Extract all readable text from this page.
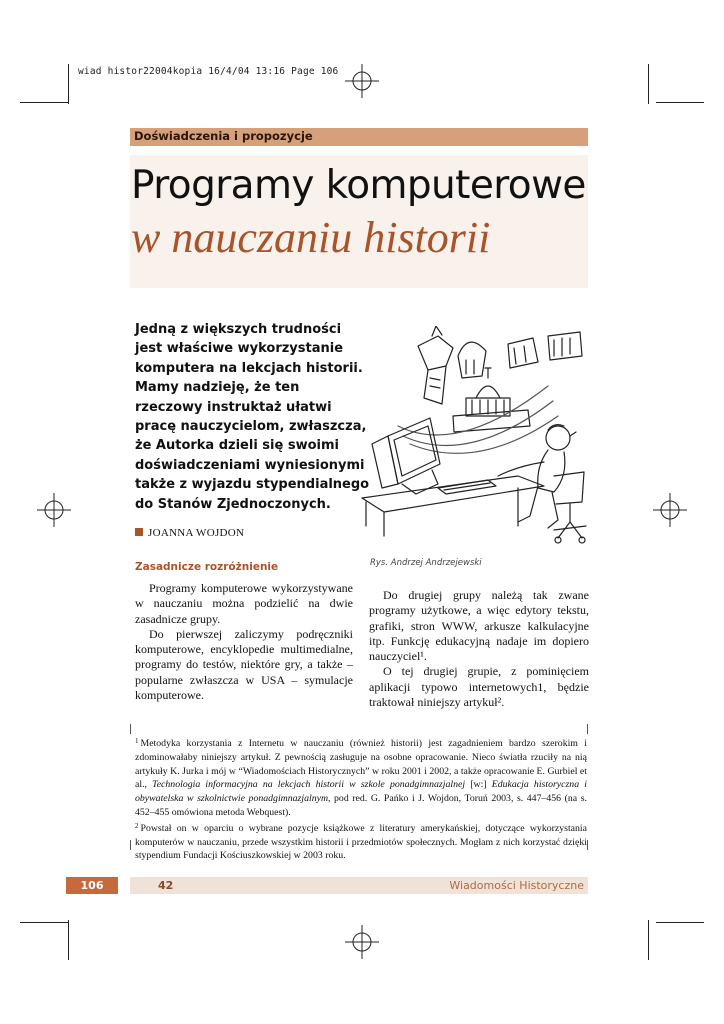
wiad histor22004kopia 16/4/04 13:16 Page 106
Doświadczenia i propozycje
Programy komputerowe
w nauczaniu historii
Jedną z większych trudności jest właściwe wykorzystanie komputera na lekcjach historii. Mamy nadzieję, że ten rzeczowy instruktaż ułatwi pracę nauczycielom, zwłaszcza, że Autorka dzieli się swoimi doświadczeniami wyniesionymi także z wyjazdu stypendialnego do Stanów Zjednoczonych.
JOANNA WOJDON
Zasadnicze rozróżnienie

Programy komputerowe wykorzystywane w nauczaniu można podzielić na dwie zasadnicze grupy.

Do pierwszej zaliczymy podręczniki komputerowe, encyklopedie multimedialne, programy do testów, niektóre gry, a także – popularne zwłaszcza w USA – symulacje komputerowe.

Do drugiej grupy należą tak zwane programy użytkowe, a więc edytory tekstu, grafiki, stron WWW, arkusze kalkulacyjne itp. Funkcję edukacyjną nadaje im dopiero nauczyciel¹.

O tej drugiej grupie, z pominięciem aplikacji typowo internetowych1, będzie traktował niniejszy artykuł².

Rys. Andrzej Andrzejewski

$^1$ Metodyka korzystania z Internetu w nauczaniu (również historii) jest zagadnieniem bardzo szerokim i zdominowałaby niniejszy artykuł. Z pewnością zasługuje na osobne opracowanie. Nieco światła rzuciły na nią artykuły K. Jurka i mój w “Wiadomościach Historycznych” w roku 2001 i 2002, a także opracowanie E. Gurbiel et al., Technologia informacyjna na lekcjach historii w szkole ponadgimnazjalnej [w:] Edukacja historyczna i obywatelska w szkolnictwie ponadgimnazjalnym, pod red. G. Pańko i J. Wojdon, Toruń 2003, s. 447–456 (na s. 452–455 omówiona metoda Webquest).

$^2$ Powstał on w oparciu o wybrane pozycje książkowe z literatury amerykańskiej, dotyczące wykorzystania komputerów w nauczaniu, przede wszystkim historii i przedmiotów społecznych. Mogłam z nich korzystać dzięki stypendium Fundacji Kościuszkowskiej w 2003 roku.

106	42	Wiadomości Historyczne
